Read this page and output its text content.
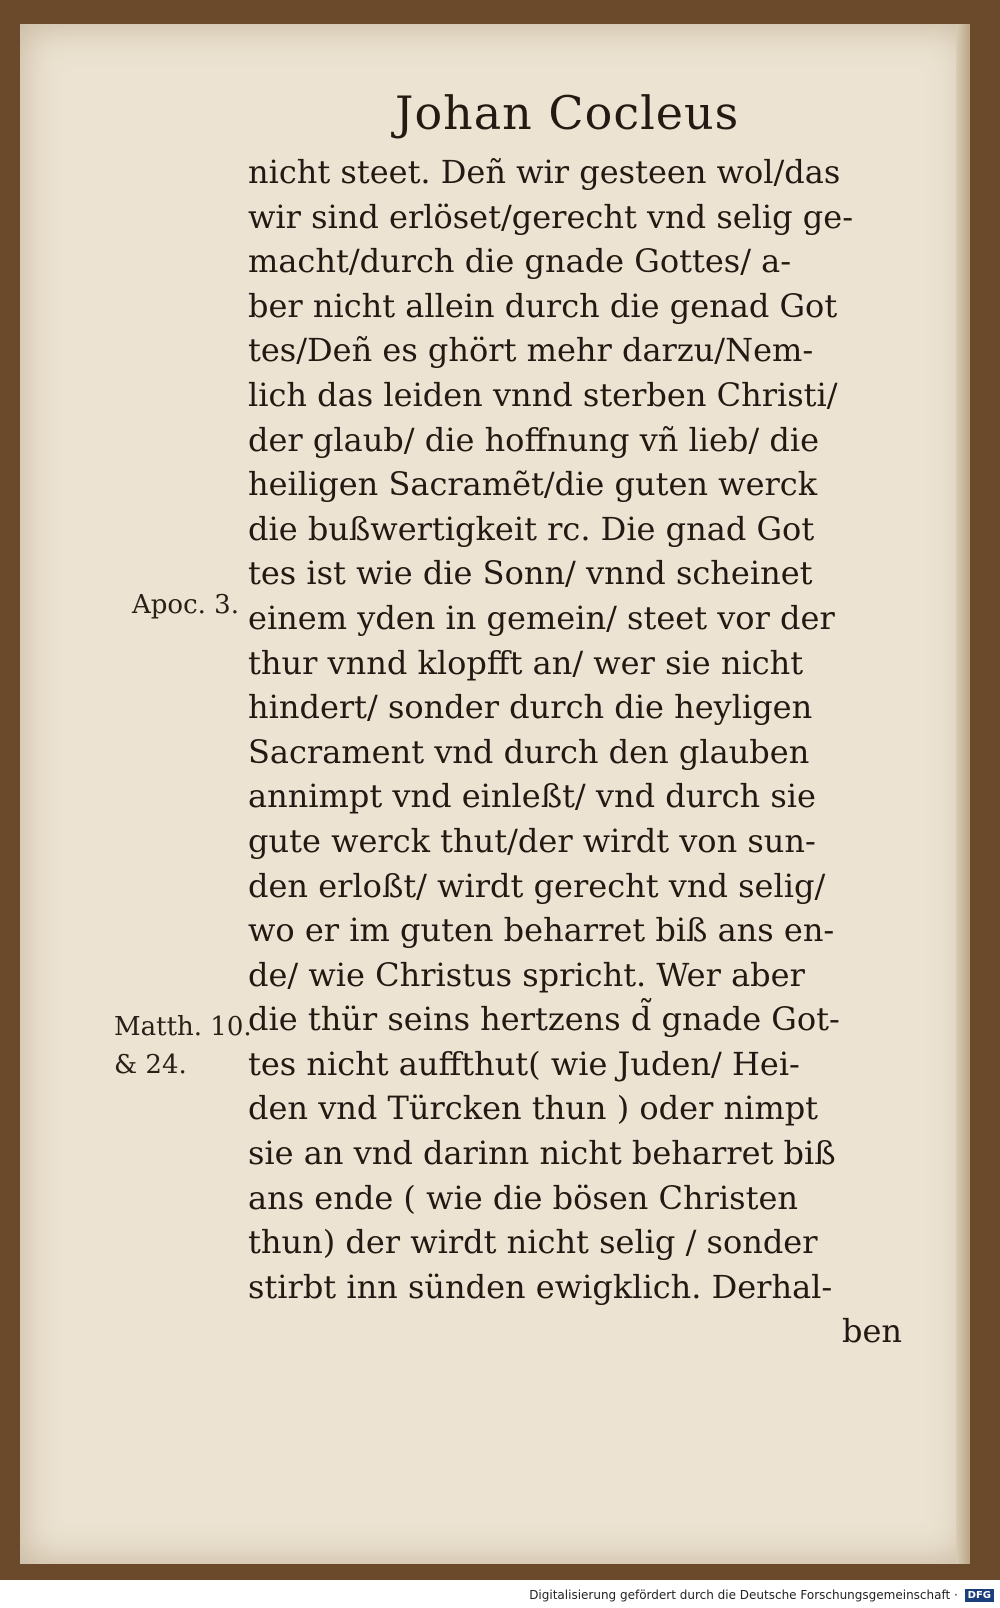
Johan Cocleus
nicht steet. Deñ wir gesteen wol/das
wir sind erlöset/gerecht vnd selig ge-
macht/durch die gnade Gottes/ a-
ber nicht allein durch die genad Got
tes/Deñ es ghört mehr darzu/Nem-
lich das leiden vnnd sterben Christi/
der glaub/ die hoffnung vñ lieb/ die
heiligen Sacramẽt/die guten werck
die bußwertigkeit rc. Die gnad Got
tes ist wie die Sonn/ vnnd scheinet
einem yden in gemein/ steet vor der
thur vnnd klopfft an/ wer sie nicht
hindert/ sonder durch die heyligen
Sacrament vnd durch den glauben
annimpt vnd einleßt/ vnd durch sie
gute werck thut/der wirdt von sun-
den erloßt/ wirdt gerecht vnd selig/
wo er im guten beharret biß ans en-
de/ wie Christus spricht. Wer aber
die thür seins hertzens d̃ gnade Got-
tes nicht auffthut( wie Juden/ Hei-
den vnd Türcken thun ) oder nimpt
sie an vnd darinn nicht beharret biß
ans ende ( wie die bösen Christen
thun) der wirdt nicht selig / sonder
stirbt inn sünden ewigklich. Derhal-
ben
Apoc. 3.
Matth. 10.
& 24.
Digitalisierung gefördert durch die Deutsche Forschungsgemeinschaft · DFG
